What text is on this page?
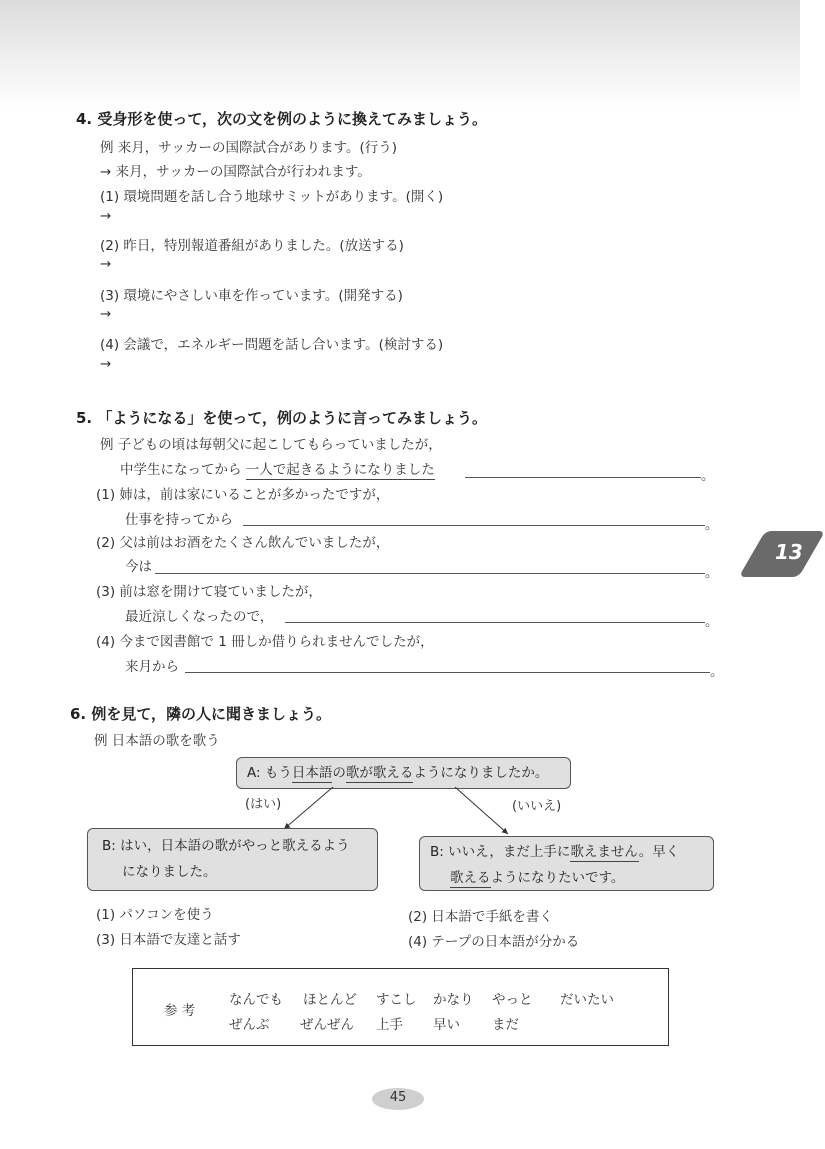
4. 受身形を使って，次の文を例のように換えてみましょう。
例 来月，サッカーの国際試合があります。(行う)
→ 来月，サッカーの国際試合が行われます。
(1) 環境問題を話し合う地球サミットがあります。(開く)
→
(2) 昨日，特別報道番組がありました。(放送する)
→
(3) 環境にやさしい車を作っています。(開発する)
→
(4) 会議で，エネルギー問題を話し合います。(検討する)
→
5. 「ようになる」を使って，例のように言ってみましょう。
例 子どもの頃は毎朝父に起こしてもらっていましたが，
中学生になってから 一人で起きるようになりました	。
(1) 姉は，前は家にいることが多かったですが，
仕事を持ってから	。
(2) 父は前はお酒をたくさん飲んでいましたが，
今は	。
(3) 前は窓を開けて寝ていましたが，
最近涼しくなったので，	。
(4) 今まで図書館で 1 冊しか借りられませんでしたが，
来月から	。
6. 例を見て，隣の人に聞きましょう。
例 日本語の歌を歌う
A: もう日本語の歌が歌えるようになりましたか。
(はい)	(いいえ)
B: はい，日本語の歌がやっと歌えるよう
になりました。
B: いいえ，まだ上手に歌えません。早く
歌えるようになりたいです。
(1) パソコンを使う	(2) 日本語で手紙を書く
(3) 日本語で友達と話す	(4) テープの日本語が分かる
参 考
なんでも ほとんど すこし かなり やっと だいたい
ぜんぶ ぜんぜん 上手 早い まだ
13
45
